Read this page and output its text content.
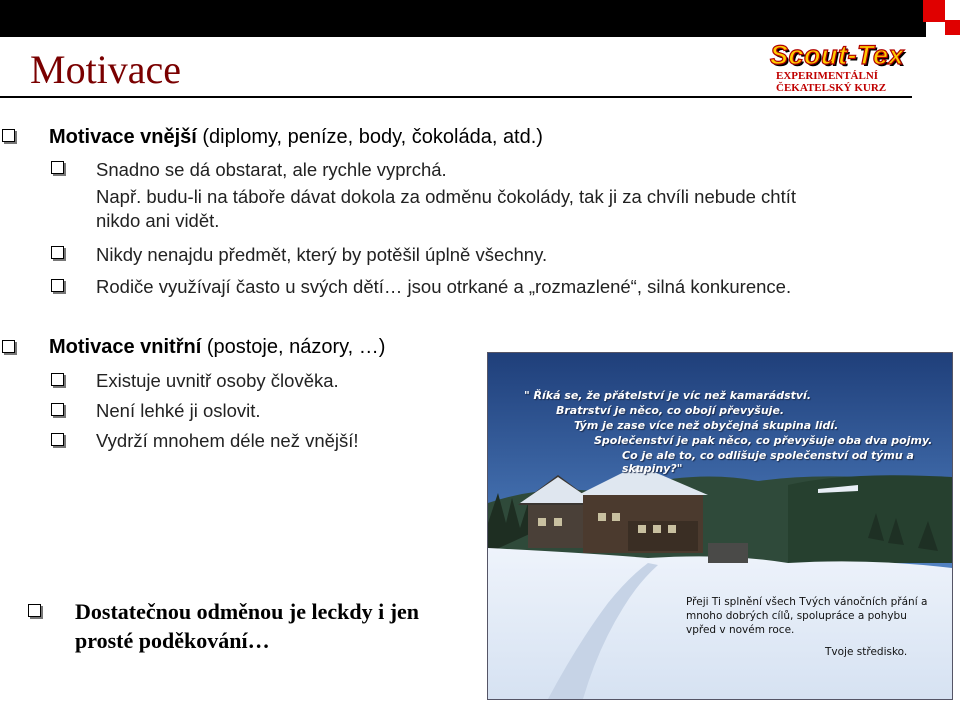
Motivace	Scout-Tex
EXPERIMENTÁLNÍ
ČEKATELSKÝ KURZ
Motivace vnější (diplomy, peníze, body, čokoláda, atd.)
Snadno se dá obstarat, ale rychle vyprchá.
Např. budu-li na táboře dávat dokola za odměnu čokolády, tak ji za chvíli nebude chtít
nikdo ani vidět.
Nikdy nenajdu předmět, který by potěšil úplně všechny.
Rodiče využívají často u svých dětí… jsou otrkané a „rozmazlené“, silná konkurence.
Motivace vnitřní (postoje, názory, …)
Existuje uvnitř osoby člověka.
Není lehké ji oslovit.
Vydrží mnohem déle než vnější!
Dostatečnou odměnou je leckdy i jen
prosté poděkování…
" Říká se, že přátelství je víc než kamarádství.
Bratrství je něco, co obojí převyšuje.
Tým je zase více než obyčejná skupina lidí.
Společenství je pak něco, co převyšuje oba dva pojmy.
Co je ale to, co odlišuje společenství od týmu a skupiny?"
Přeji Ti splnění všech Tvých vánočních přání a
mnoho dobrých cílů, spolupráce a pohybu
vpřed v novém roce.
Tvoje středisko.
